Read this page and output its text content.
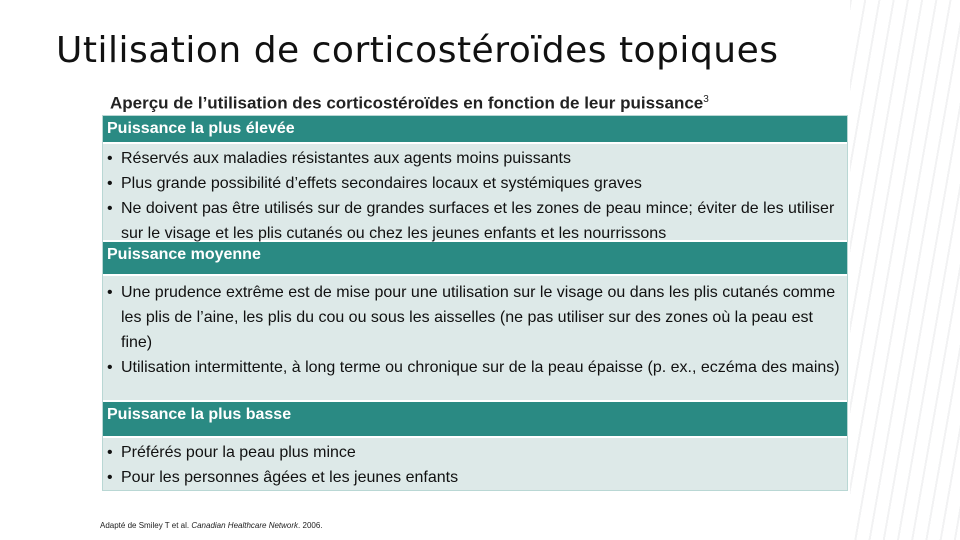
Utilisation de corticostéroïdes topiques
Aperçu de l’utilisation des corticostéroïdes en fonction de leur puissance$^3$
Puissance la plus élevée
• Réservés aux maladies résistantes aux agents moins puissants
• Plus grande possibilité d’effets secondaires locaux et systémiques graves
• Ne doivent pas être utilisés sur de grandes surfaces et les zones de peau mince; éviter de les utiliser sur le visage et les plis cutanés ou chez les jeunes enfants et les nourrissons
Puissance moyenne
• Une prudence extrême est de mise pour une utilisation sur le visage ou dans les plis cutanés comme les plis de l’aine, les plis du cou ou sous les aisselles (ne pas utiliser sur des zones où la peau est fine)
• Utilisation intermittente, à long terme ou chronique sur de la peau épaisse (p. ex., eczéma des mains)
Puissance la plus basse
• Préférés pour la peau plus mince
• Pour les personnes âgées et les jeunes enfants
Adapté de Smiley T et al. Canadian Healthcare Network. 2006.
